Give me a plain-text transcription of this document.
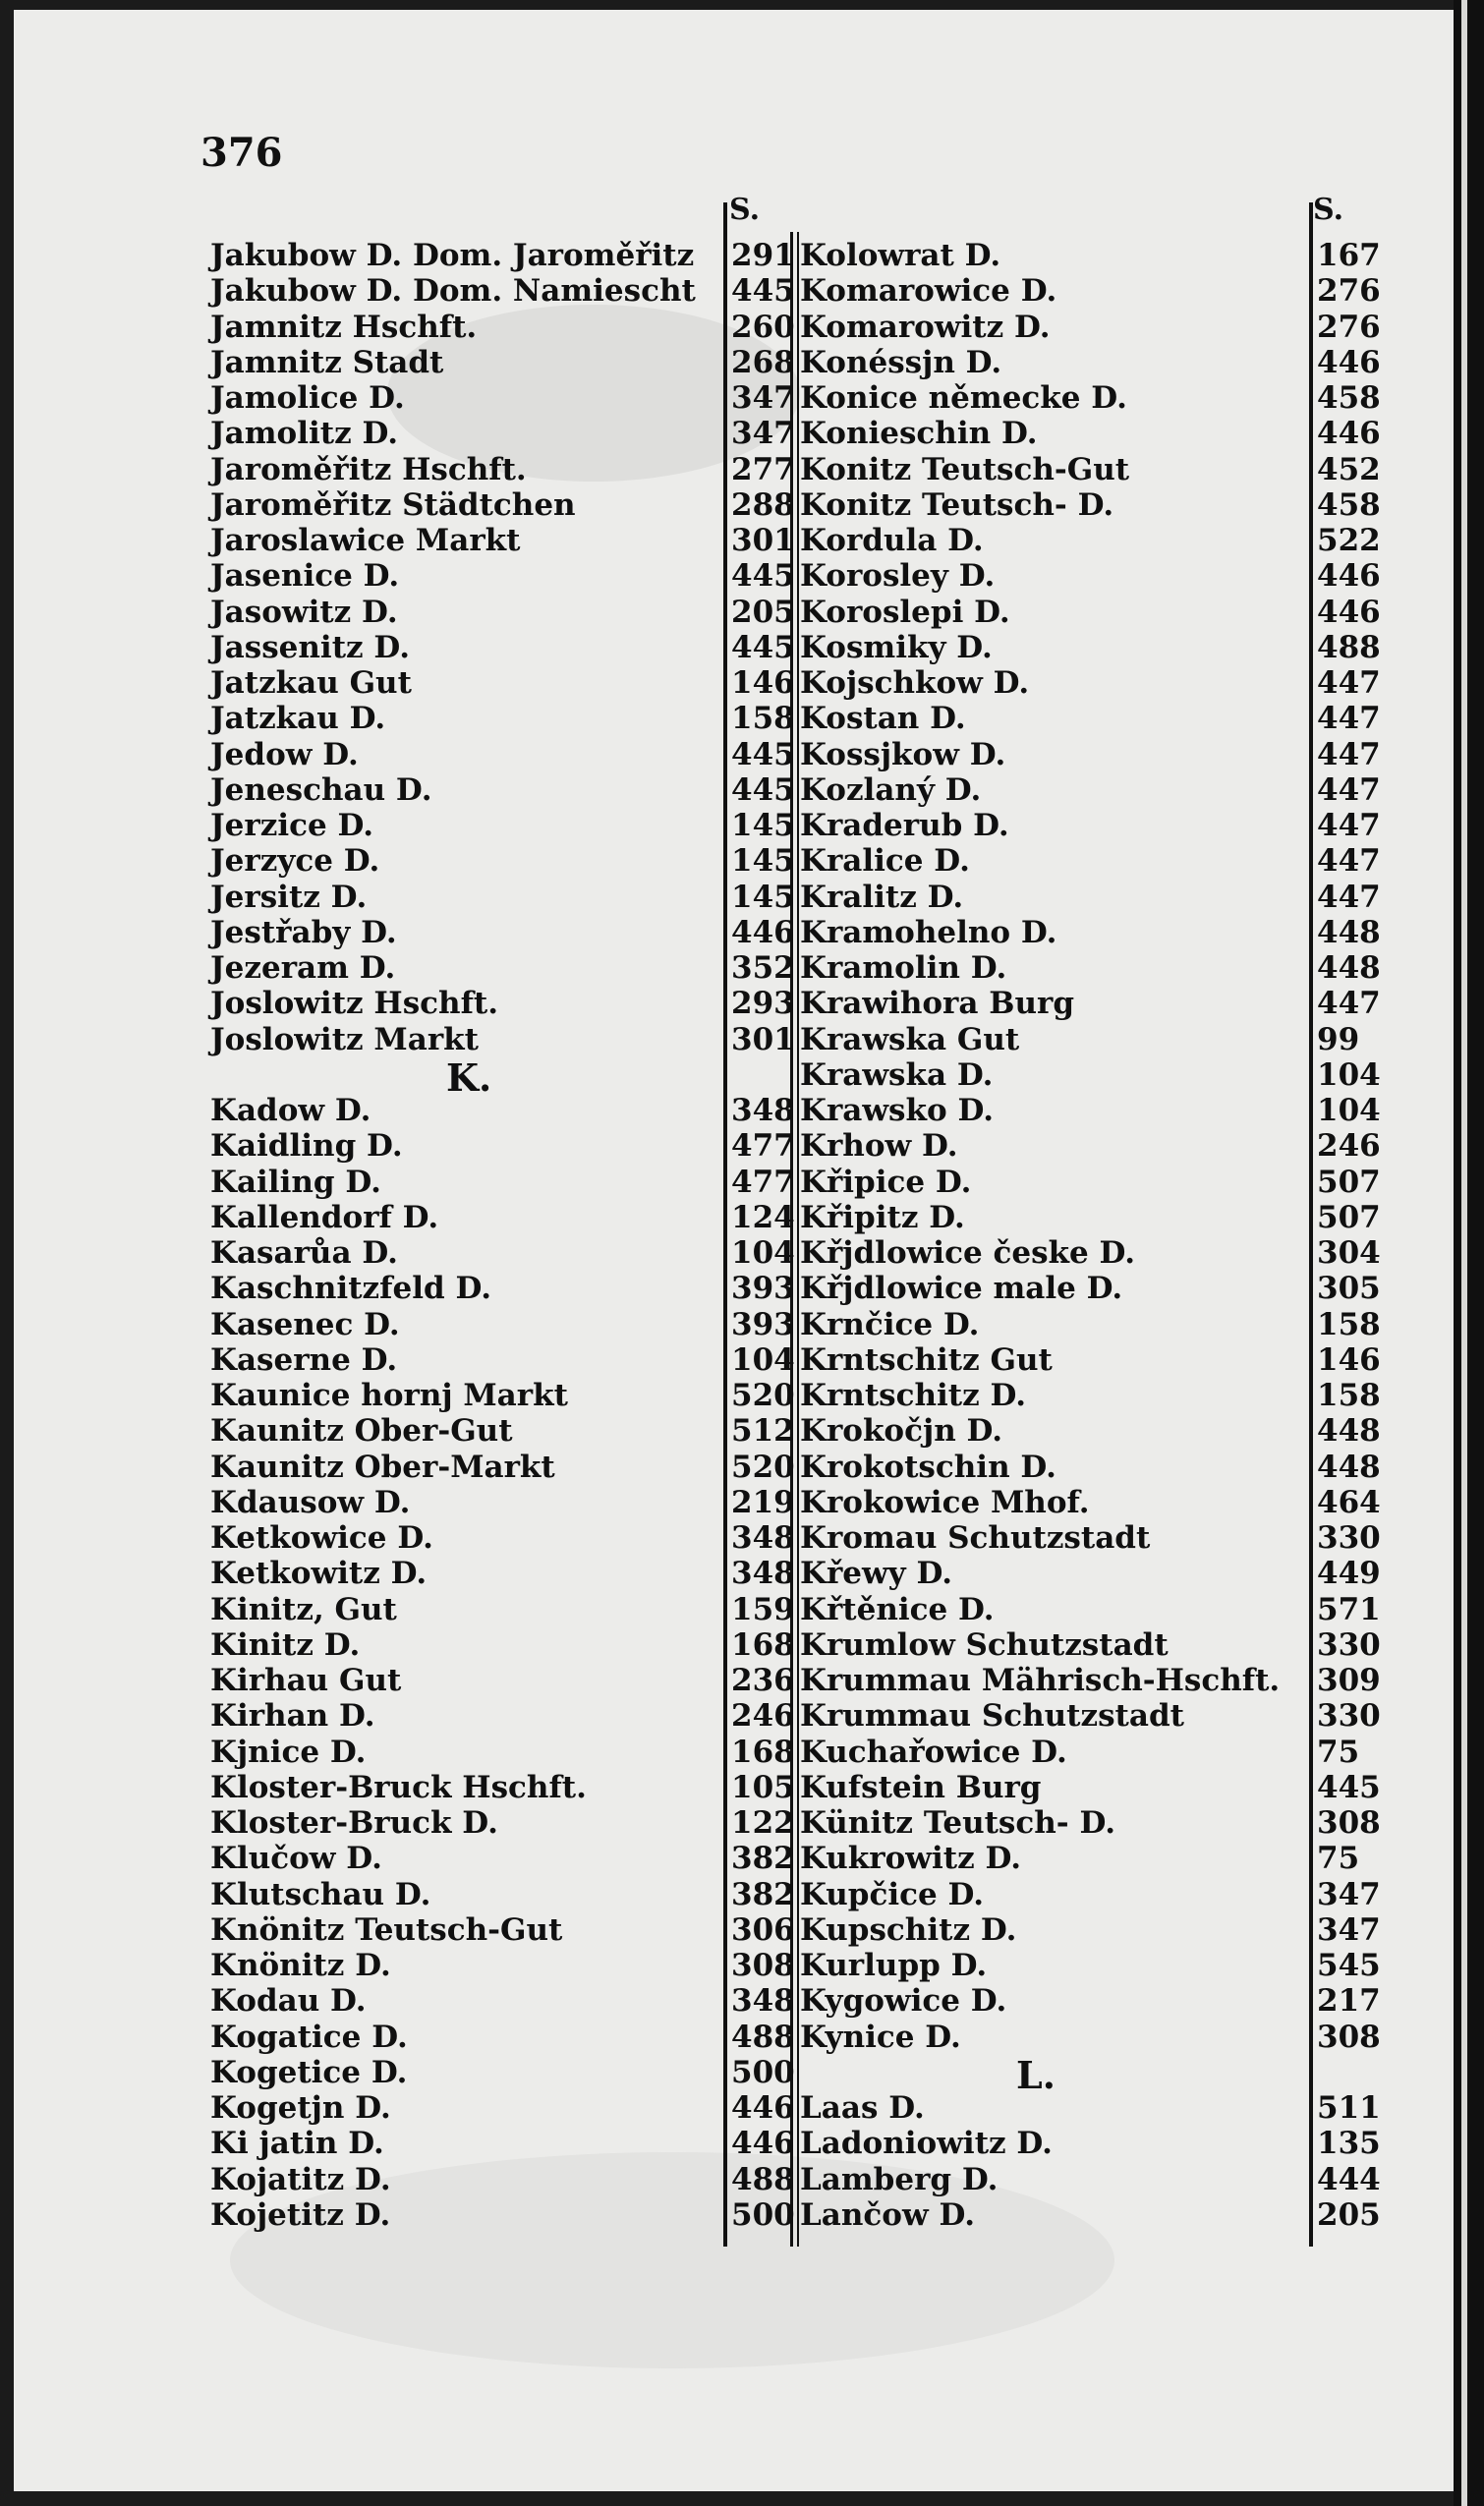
376
S.	S.
Jakubow D. Dom. Jaroměřitz 291
Jakubow D. Dom. Namiescht 445
Jamnitz Hschft.	260
Jamnitz Stadt	268
Jamolice D.	347
Jamolitz D.	347
Jaroměřitz Hschft.	277
Jaroměřitz Städtchen	288
Jaroslawice Markt	301
Jasenice D.	445
Jasowitz D.	205
Jassenitz D.	445
Jatzkau Gut	146
Jatzkau D.	158
Jedow D.	445
Jeneschau D.	445
Jerzice D.	145
Jerzyce D.	145
Jersitz D.	145
Jestřaby D.	446
Jezeram D.	352
Joslowitz Hschft.	293
Joslowitz Markt	301
K.
Kadow D.	348
Kaidling D.	477
Kailing D.	477
Kallendorf D.	124
Kasarůa D.	104
Kaschnitzfeld D.	393
Kasenec D.	393
Kaserne D.	104
Kaunice hornj Markt	520
Kaunitz Ober-Gut	512
Kaunitz Ober-Markt	520
Kdausow D.	219
Ketkowice D.	348
Ketkowitz D.	348
Kinitz, Gut	159
Kinitz D.	168
Kirhau Gut	236
Kirhan D.	246
Kjnice D.	168
Kloster-Bruck Hschft.	105
Kloster-Bruck D.	122
Klučow D.	382
Klutschau D.	382
Knönitz Teutsch-Gut	306
Knönitz D.	308
Kodau D.	348
Kogatice D.	488
Kogetice D.	500
Kogetjn D.	446
Ki jatin D.	446
Kojatitz D.	488
Kojetitz D.	500
Kolowrat D.	167
Komarowice D.	276
Komarowitz D.	276
Konéssjn D.	446
Konice německe D.	458
Konieschin D.	446
Konitz Teutsch-Gut	452
Konitz Teutsch- D.	458
Kordula D.	522
Korosley D.	446
Koroslepi D.	446
Kosmiky D.	488
Kojschkow D.	447
Kostan D.	447
Kossjkow D.	447
Kozlaný D.	447
Kraderub D.	447
Kralice D.	447
Kralitz D.	447
Kramohelno D.	448
Kramolin D.	448
Krawihora Burg	447
Krawska Gut	99
Krawska D.	104
Krawsko D.	104
Krhow D.	246
Křipice D.	507
Křipitz D.	507
Křjdlowice česke D.	304
Křjdlowice male D.	305
Krnčice D.	158
Krntschitz Gut	146
Krntschitz D.	158
Krokočjn D.	448
Krokotschin D.	448
Krokowice Mhof.	464
Kromau Schutzstadt	330
Křewy D.	449
Křtěnice D.	571
Krumlow Schutzstadt	330
Krummau Mährisch-Hschft. 309
Krummau Schutzstadt	330
Kuchařowice D.	75
Kufstein Burg	445
Künitz Teutsch- D.	308
Kukrowitz D.	75
Kupčice D.	347
Kupschitz D.	347
Kurlupp D.	545
Kygowice D.	217
Kynice D.	308
L.
Laas D.	511
Ladoniowitz D.	135
Lamberg D.	444
Lančow D.	205
